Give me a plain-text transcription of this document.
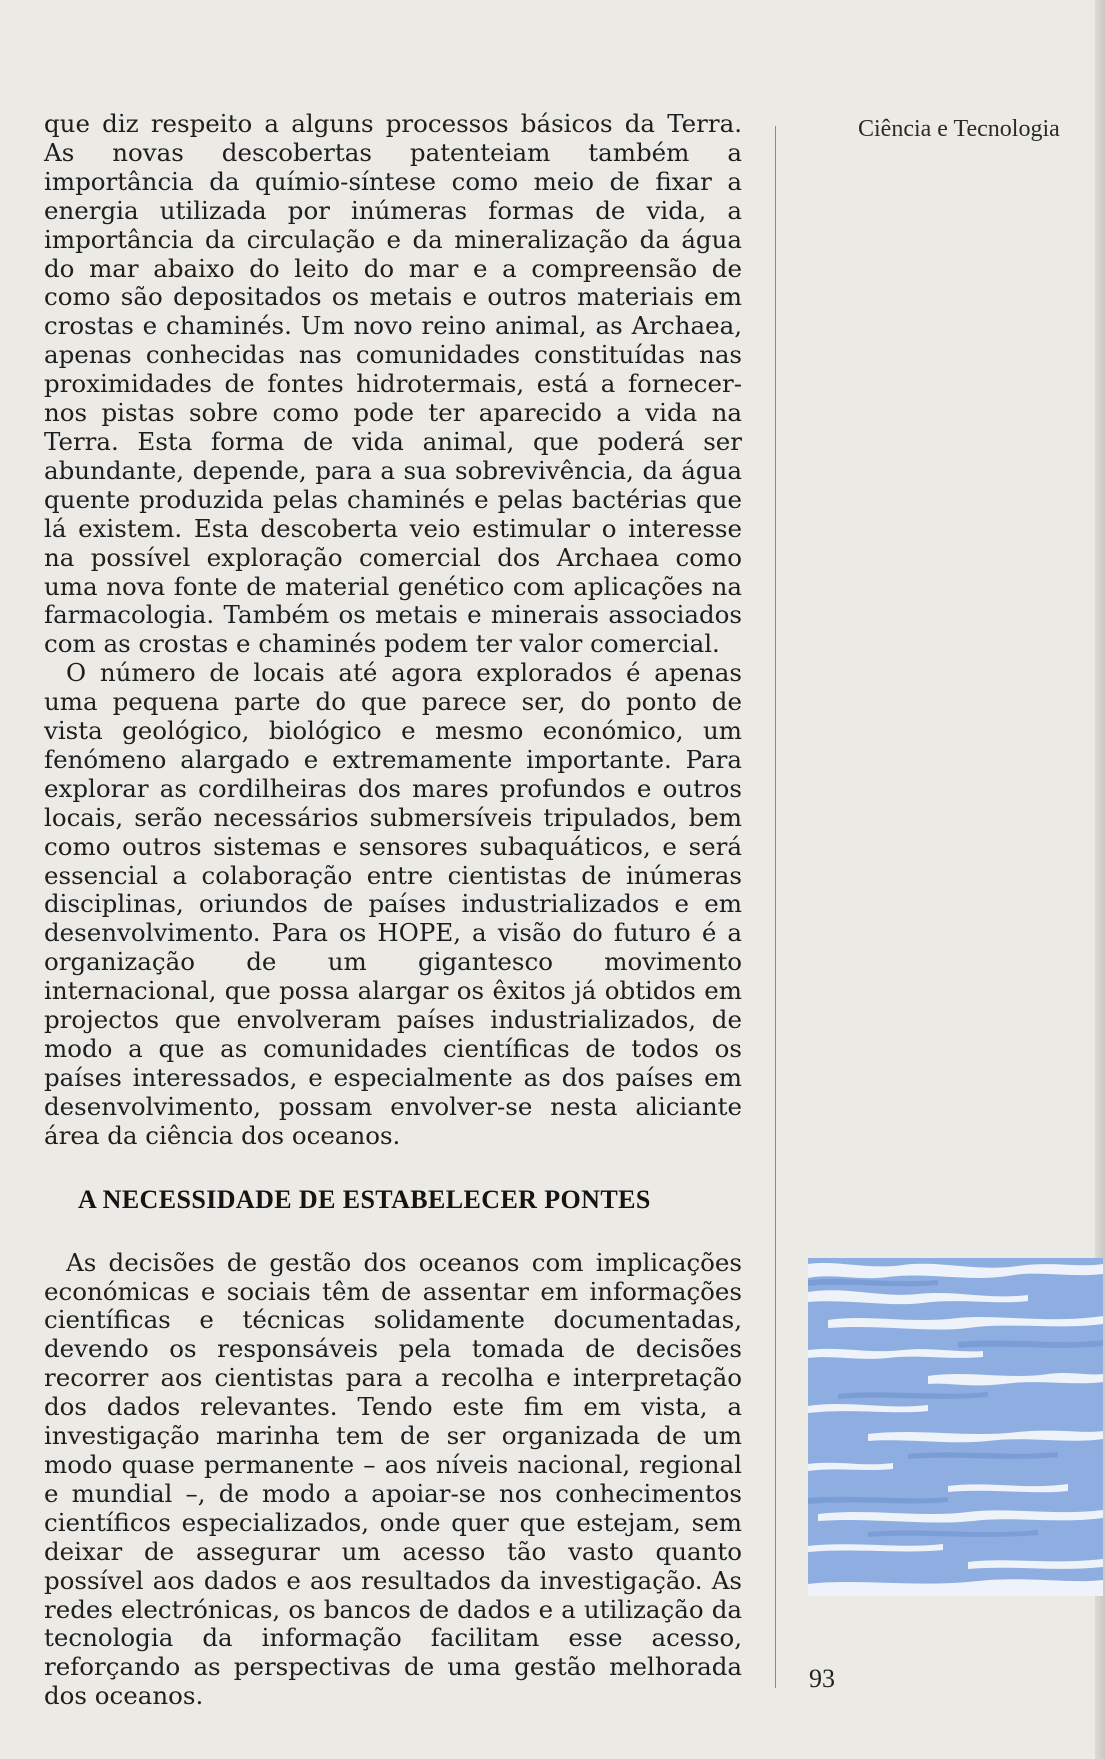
que diz respeito a alguns processos básicos da Terra. As novas descobertas patenteiam também a importância da químio-síntese como meio de fixar a energia utilizada por inúmeras formas de vida, a importância da circulação e da mineralização da água do mar abaixo do leito do mar e a compreensão de como são depositados os metais e outros materiais em crostas e chaminés. Um novo reino animal, as Archaea, apenas conhecidas nas comunidades constituídas nas proximidades de fontes hidrotermais, está a fornecer-nos pistas sobre como pode ter aparecido a vida na Terra. Esta forma de vida animal, que poderá ser abundante, depende, para a sua sobrevivência, da água quente produzida pelas chaminés e pelas bactérias que lá existem. Esta descoberta veio estimular o interesse na possível exploração comercial dos Archaea como uma nova fonte de material genético com aplicações na farmacologia. Também os metais e minerais associados com as crostas e chaminés podem ter valor comercial.

O número de locais até agora explorados é apenas uma pequena parte do que parece ser, do ponto de vista geológico, biológico e mesmo económico, um fenómeno alargado e extremamente importante. Para explorar as cordilheiras dos mares profundos e outros locais, serão necessários submersíveis tripulados, bem como outros sistemas e sensores subaquáticos, e será essencial a colaboração entre cientistas de inúmeras disciplinas, oriundos de países industrializados e em desenvolvimento. Para os HOPE, a visão do futuro é a organização de um gigantesco movimento internacional, que possa alargar os êxitos já obtidos em projectos que envolveram países industrializados, de modo a que as comunidades científicas de todos os países interessados, e especialmente as dos países em desenvolvimento, possam envolver-se nesta aliciante área da ciência dos oceanos.

A NECESSIDADE DE ESTABELECER PONTES

As decisões de gestão dos oceanos com implicações económicas e sociais têm de assentar em informações científicas e técnicas solidamente documentadas, devendo os responsáveis pela tomada de decisões recorrer aos cientistas para a recolha e interpretação dos dados relevantes. Tendo este fim em vista, a investigação marinha tem de ser organizada de um modo quase permanente – aos níveis nacional, regional e mundial –, de modo a apoiar-se nos conhecimentos científicos especializados, onde quer que estejam, sem deixar de assegurar um acesso tão vasto quanto possível aos dados e aos resultados da investigação. As redes electrónicas, os bancos de dados e a utilização da tecnologia da informação facilitam esse acesso, reforçando as perspectivas de uma gestão melhorada dos oceanos.

Ciência e Tecnologia
93
